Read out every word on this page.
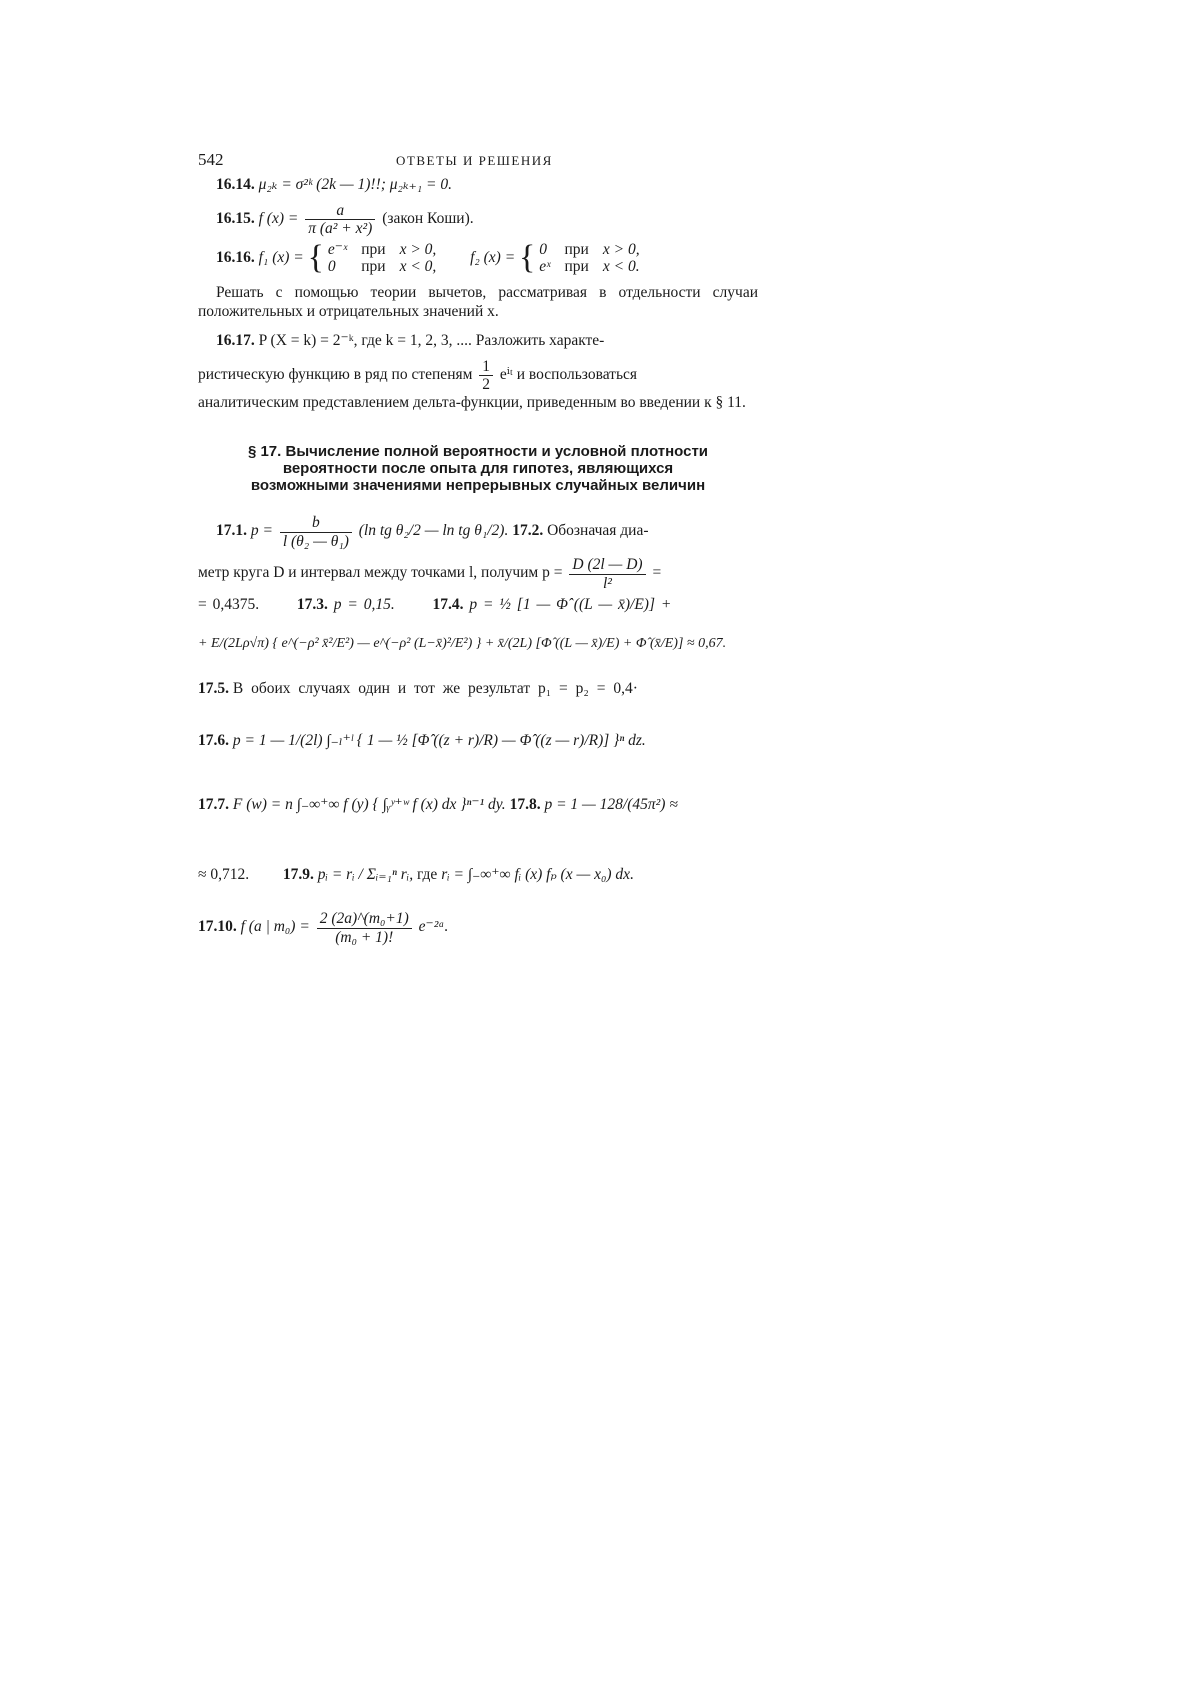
542	ОТВЕТЫ И РЕШЕНИЯ
16.14. μ₂ₖ = σ²ᵏ (2k — 1)!!; μ₂ₖ₊₁ = 0.
16.15. f $(x) = \frac{a}{\text{π (a² + x²)}}$ (закон Коши).
16.16. f₁ (x) = { e⁻ˣ при x > 0,
0	при x < 0,
f₂ (x) = { 0 при x > 0,
eˣ при x < 0.
Решать с помощью теории вычетов, рассматривая в отдельности случаи положительных и отрицательных значений x.
16.17. P (X = k) = 2⁻ᵏ, где k = 1, 2, 3, .... Разложить характе-
ристическую функцию в ряд по степеням $\frac{1}{2}$ eⁱᵗ и воспользоваться
аналитическим представлением дельта-функции, приведенным во введении к § 11.
§ 17. Вычисление полной вероятности и условной плотности
вероятности после опыта для гипотез, являющихся
возможными значениями непрерывных случайных величин
17.1. $p = \frac{b}{\text{l (θ₂ — θ₁)}} (\ln$ tg θ₂/2 — ln tg θ₁/2). 17.2. Обозначая диа-
метр круга D и интервал между точками l, получим $p = \frac{D (2l — D)}{\text{l²}}$ =
= 0,4375. 17.3. p = 0,15. 17.4. p = ½ [1 — Φ̂ ((L — x̄)/E)] +
+ E/(2Lρ√π) { e^(−ρ² x̄²/E²) — e^(−ρ² (L−x̄)²/E²) } + x̄/(2L) [Φ̂ ((L — x̄)/E) + Φ̂ (x̄/E)] ≈ 0,67.
17.5. В обоих случаях один и тот же результат p₁ = p₂ = 0,4·
17.6. p = 1 — 1/(2l) ∫₋ₗ⁺ˡ { 1 — ½ [Φ̂ ((z + r)/R) — Φ̂ ((z — r)/R)] }ⁿ dz.
17.7. F (w) = n ∫₋∞⁺∞ f (y) { ∫ᵧʸ⁺ʷ f (x) dx }ⁿ⁻¹ dy. 17.8. p = 1 — 128/(45π²) ≈
≈ 0,712. 17.9. pᵢ = rᵢ / Σᵢ₌₁ⁿ rᵢ, где rᵢ = ∫₋∞⁺∞ fᵢ (x) fₚ (x — x₀) dx.
17.10. f (a | $m_0) = \frac{\text{2 (2a)\textasciicircum{}(m₀+1)}}{\text{(m₀ + 1)!}}$ e⁻²ᵃ.
